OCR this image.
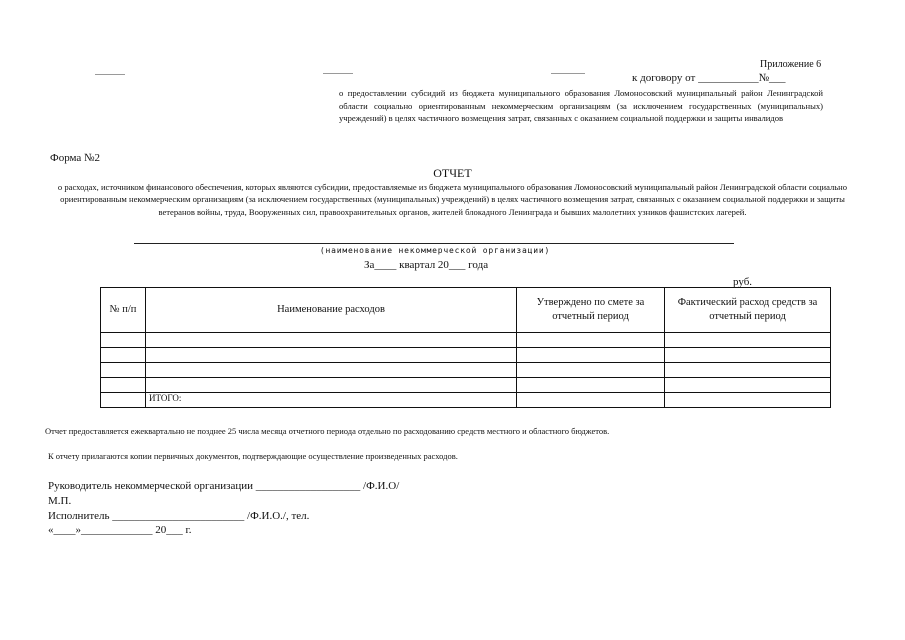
Приложение 6
к договору от ___________№___
о предоставлении субсидий из бюджета муниципального образования Ломоносовский муниципальный район Ленинградской области социально ориентированным некоммерческим организациям (за исключением государственных (муниципальных) учреждений) в целях частичного возмещения затрат, связанных с оказанием социальной поддержки и защиты инвалидов
Форма №2
ОТЧЕТ
о расходах, источником финансового обеспечения, которых являются субсидии, предоставляемые из бюджета муниципального образования Ломоносовский муниципальный район Ленинградской области социально ориентированным некоммерческим организациям (за исключением государственных (муниципальных) учреждений) в целях частичного возмещения затрат, связанных с оказанием социальной поддержки и защиты ветеранов войны, труда, Вооруженных сил, правоохранительных органов, жителей блокадного Ленинграда и бывших малолетних узников фашистских лагерей.
(наименование некоммерческой организации)
За____ квартал 20___ года
руб.
№ п/п	Наименование расходов	Утверждено по смете за отчетный период	Фактический расход средств за отчетный период

	ИТОГО:		
Отчет предоставляется ежеквартально не позднее 25 числа месяца отчетного периода отдельно по расходованию средств местного и областного бюджетов.
К отчету прилагаются копии первичных документов, подтверждающие осуществление произведенных расходов.
Руководитель некоммерческой организации ___________________ /Ф.И.О/
М.П.
Исполнитель ________________________ /Ф.И.О./, тел.
«____»_____________ 20___ г.
